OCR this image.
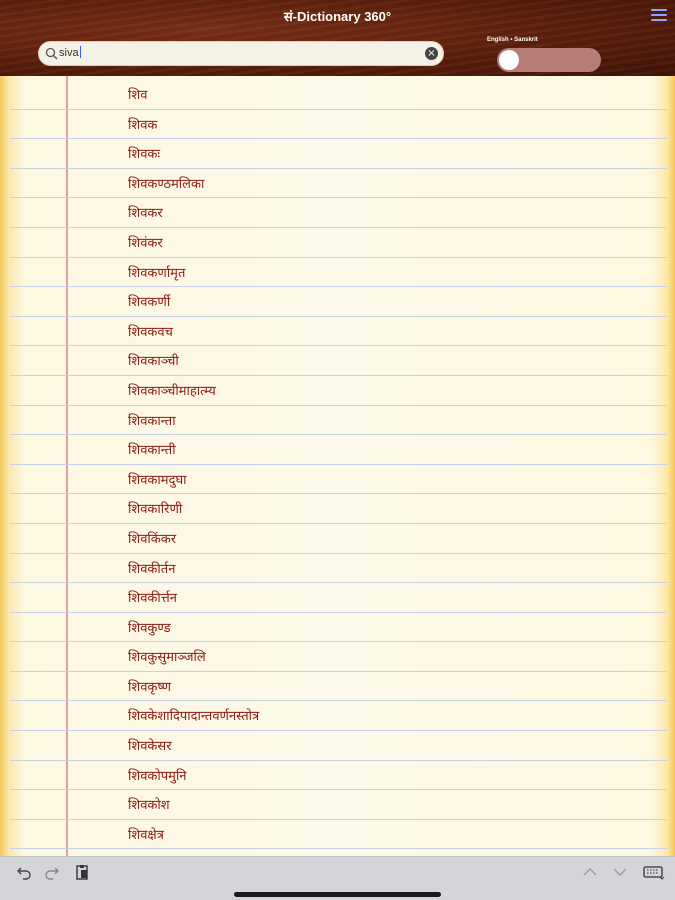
सं-Dictionary 360°
siva	×
English • Sanskrit
शिव
शिवक
शिवकः
शिवकण्ठमलिका
शिवकर
शिवंकर
शिवकर्णामृत
शिवकर्णी
शिवकवच
शिवकाञ्ची
शिवकाञ्चीमाहात्म्य
शिवकान्ता
शिवकान्ती
शिवकामदुघा
शिवकारिणी
शिवकिंकर
शिवकीर्तन
शिवकीर्त्तन
शिवकुण्ड
शिवकुसुमाञ्जलि
शिवकृष्ण
शिवकेशादिपादान्तवर्णनस्तोत्र
शिवकेसर
शिवकोपमुनि
शिवकोश
शिवक्षेत्र
